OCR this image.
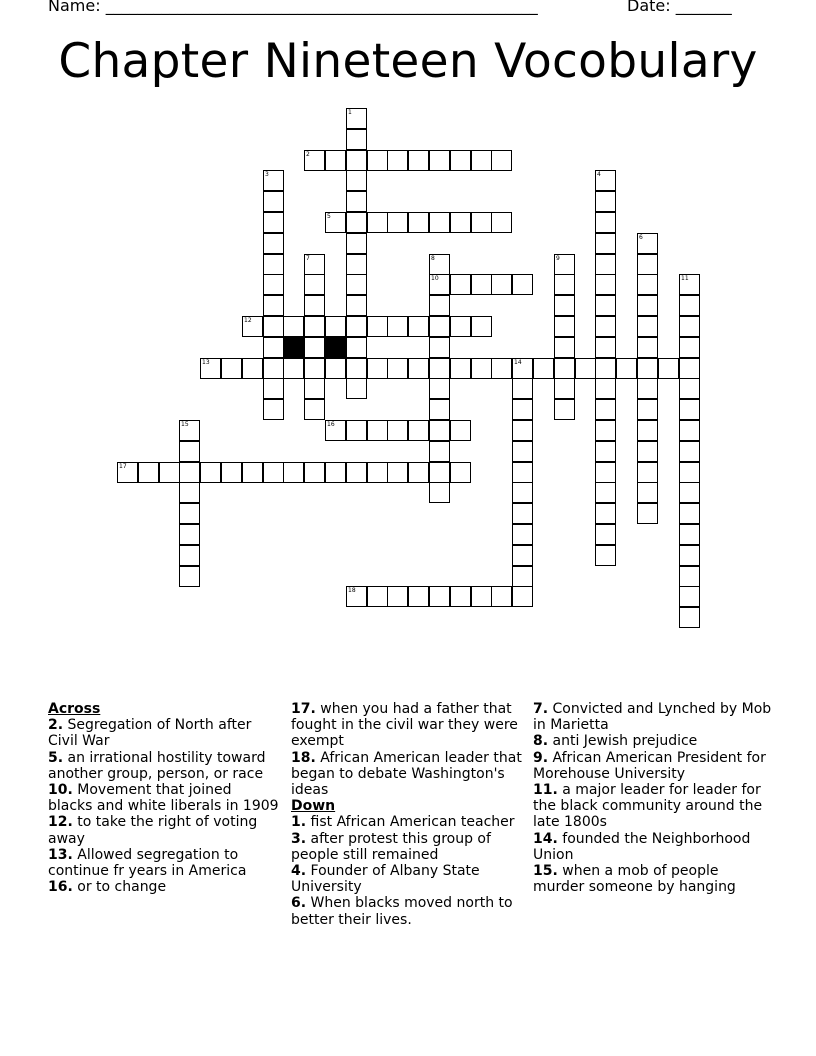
Name: ______________________________________________________	Date: _______
Chapter Nineteen Vocobulary
1
2
3	4
5
6
7	8
10
9
11
12
13	14
15	16
17
18
Across
2. Segregation of North after Civil War
5. an irrational hostility toward another group, person, or race
10. Movement that joined blacks and white liberals in 1909
12. to take the right of voting away
13. Allowed segregation to continue fr years in America
16. or to change
17. when you had a father that fought in the civil war they were exempt
18. African American leader that began to debate Washington's ideas
Down
1. fist African American teacher
3. after protest this group of people still remained
4. Founder of Albany State University
6. When blacks moved north to better their lives.
7. Convicted and Lynched by Mob in Marietta
8. anti Jewish prejudice
9. African American President for Morehouse University
11. a major leader for leader for the black community around the late 1800s
14. founded the Neighborhood Union
15. when a mob of people murder someone by hanging
